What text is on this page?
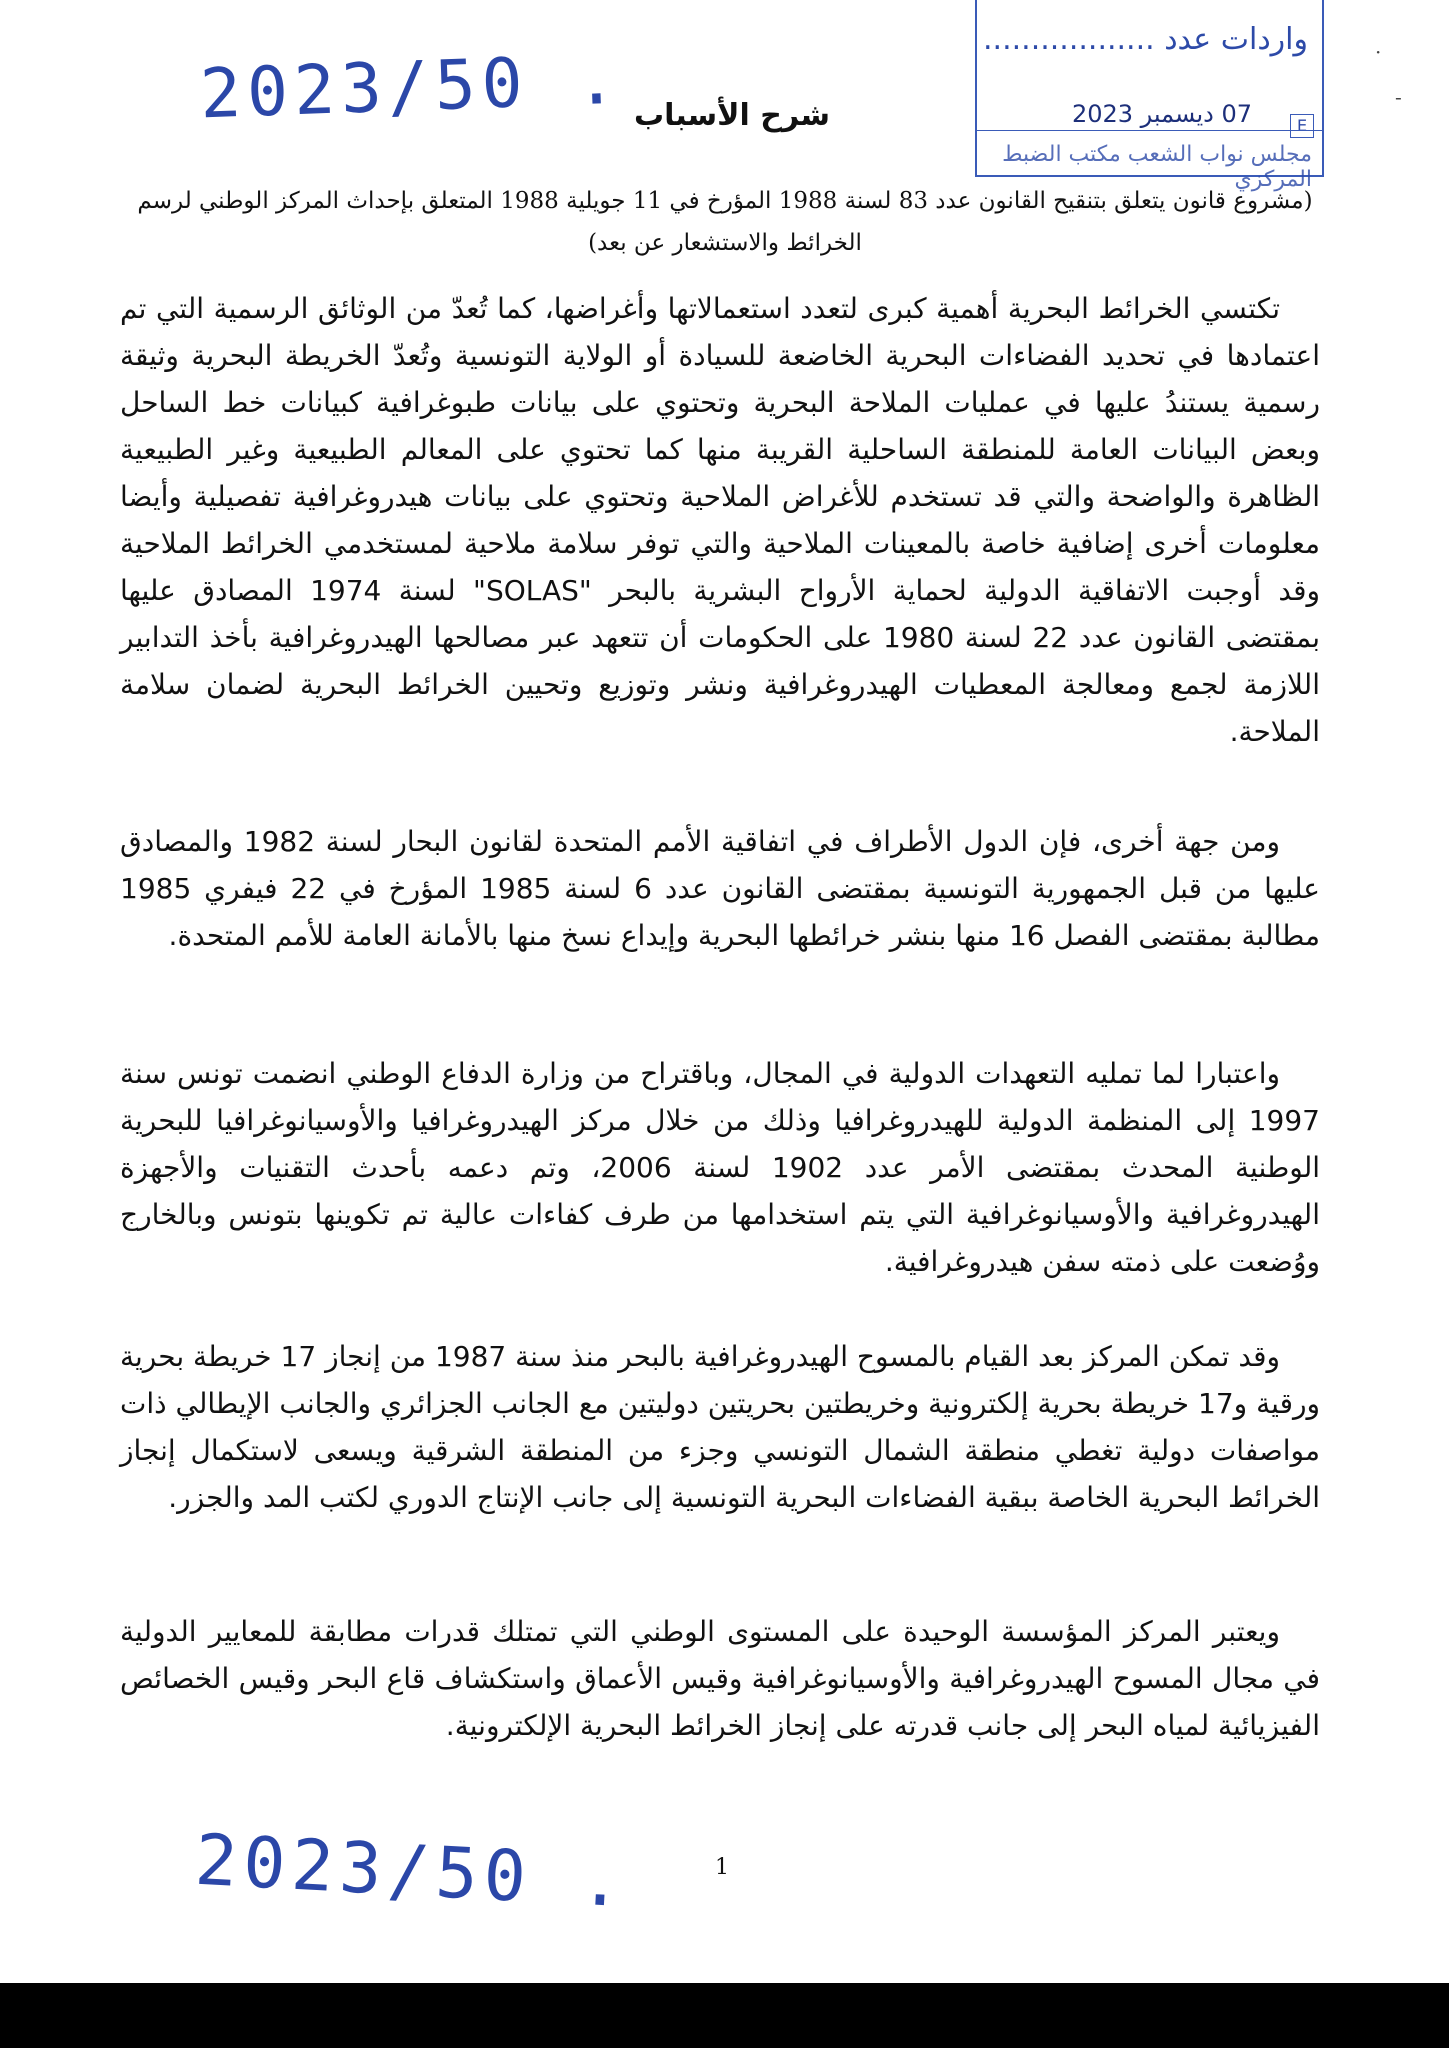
2023/50 . شرح الأسباب
واردات عدد ..................
07 ديسمبر 2023	E
مجلس نواب الشعب مكتب الضبط المركزي
·
-
(مشروع قانون يتعلق بتنقيح القانون عدد 83 لسنة 1988 المؤرخ في 11 جويلية 1988 المتعلق بإحداث المركز الوطني لرسم الخرائط والاستشعار عن بعد)

تكتسي الخرائط البحرية أهمية كبرى لتعدد استعمالاتها وأغراضها، كما تُعدّ من الوثائق الرسمية التي تم اعتمادها في تحديد الفضاءات البحرية الخاضعة للسيادة أو الولاية التونسية وتُعدّ الخريطة البحرية وثيقة رسمية يستندُ عليها في عمليات الملاحة البحرية وتحتوي على بيانات طبوغرافية كبيانات خط الساحل وبعض البيانات العامة للمنطقة الساحلية القريبة منها كما تحتوي على المعالم الطبيعية وغير الطبيعية الظاهرة والواضحة والتي قد تستخدم للأغراض الملاحية وتحتوي على بيانات هيدروغرافية تفصيلية وأيضا معلومات أخرى إضافية خاصة بالمعينات الملاحية والتي توفر سلامة ملاحية لمستخدمي الخرائط الملاحية وقد أوجبت الاتفاقية الدولية لحماية الأرواح البشرية بالبحر "SOLAS" لسنة 1974 المصادق عليها بمقتضى القانون عدد 22 لسنة 1980 على الحكومات أن تتعهد عبر مصالحها الهيدروغرافية بأخذ التدابير اللازمة لجمع ومعالجة المعطيات الهيدروغرافية ونشر وتوزيع وتحيين الخرائط البحرية لضمان سلامة الملاحة.

ومن جهة أخرى، فإن الدول الأطراف في اتفاقية الأمم المتحدة لقانون البحار لسنة 1982 والمصادق عليها من قبل الجمهورية التونسية بمقتضى القانون عدد 6 لسنة 1985 المؤرخ في 22 فيفري 1985 مطالبة بمقتضى الفصل 16 منها بنشر خرائطها البحرية وإيداع نسخ منها بالأمانة العامة للأمم المتحدة.

واعتبارا لما تمليه التعهدات الدولية في المجال، وباقتراح من وزارة الدفاع الوطني انضمت تونس سنة 1997 إلى المنظمة الدولية للهيدروغرافيا وذلك من خلال مركز الهيدروغرافيا والأوسيانوغرافيا للبحرية الوطنية المحدث بمقتضى الأمر عدد 1902 لسنة 2006، وتم دعمه بأحدث التقنيات والأجهزة الهيدروغرافية والأوسيانوغرافية التي يتم استخدامها من طرف كفاءات عالية تم تكوينها بتونس وبالخارج ووُضعت على ذمته سفن هيدروغرافية.

وقد تمكن المركز بعد القيام بالمسوح الهيدروغرافية بالبحر منذ سنة 1987 من إنجاز 17 خريطة بحرية ورقية و17 خريطة بحرية إلكترونية وخريطتين بحريتين دوليتين مع الجانب الجزائري والجانب الإيطالي ذات مواصفات دولية تغطي منطقة الشمال التونسي وجزء من المنطقة الشرقية ويسعى لاستكمال إنجاز الخرائط البحرية الخاصة ببقية الفضاءات البحرية التونسية إلى جانب الإنتاج الدوري لكتب المد والجزر.

ويعتبر المركز المؤسسة الوحيدة على المستوى الوطني التي تمتلك قدرات مطابقة للمعايير الدولية في مجال المسوح الهيدروغرافية والأوسيانوغرافية وقيس الأعماق واستكشاف قاع البحر وقيس الخصائص الفيزيائية لمياه البحر إلى جانب قدرته على إنجاز الخرائط البحرية الإلكترونية.

2023/50 .	1
